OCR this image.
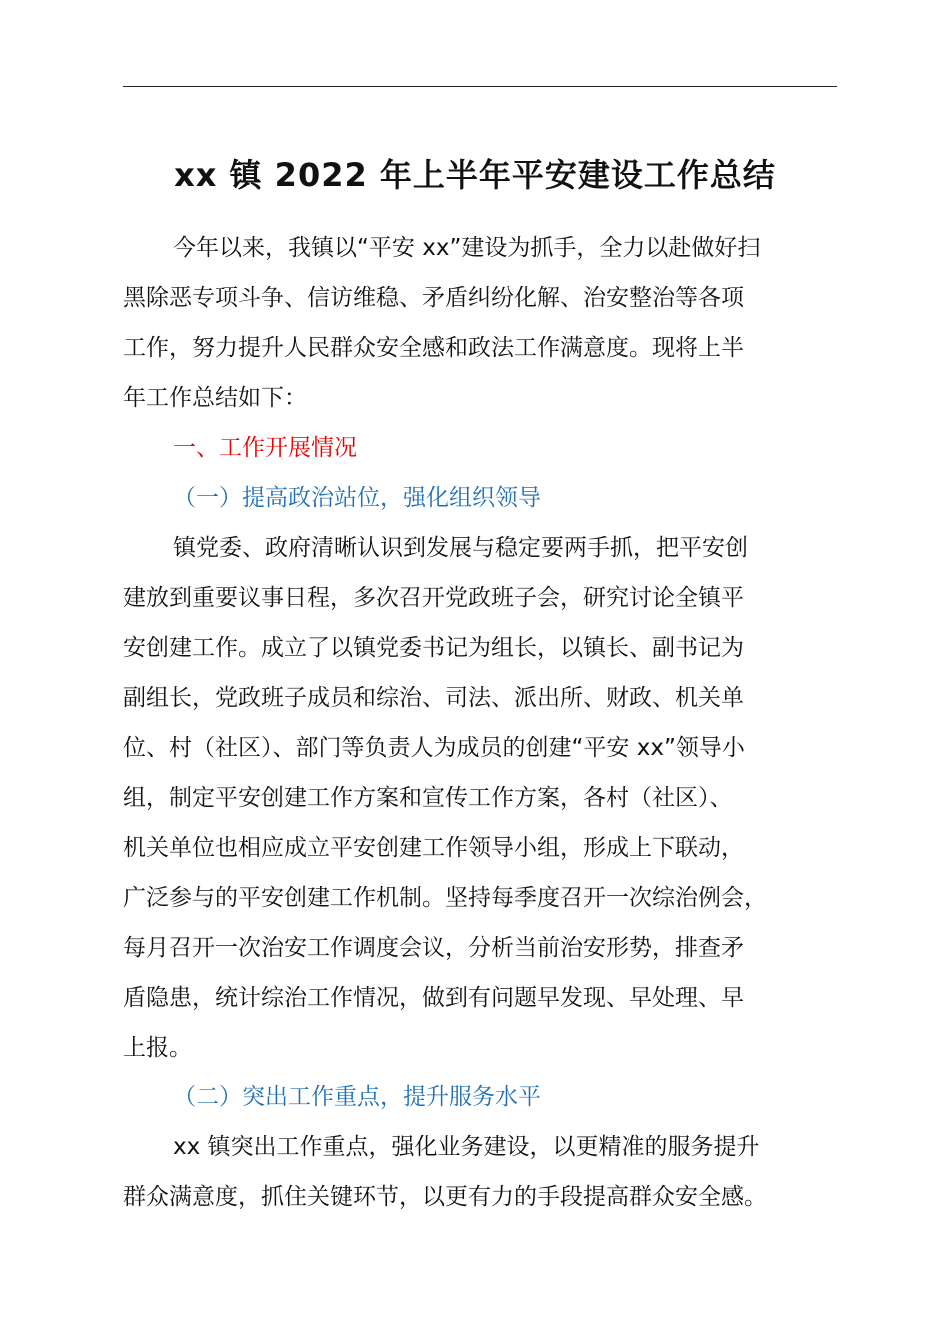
xx 镇 2022 年上半年平安建设工作总结

今年以来，我镇以“平安 xx”建设为抓手，全力以赴做好扫

黑除恶专项斗争、信访维稳、矛盾纠纷化解、治安整治等各项

工作，努力提升人民群众安全感和政法工作满意度。现将上半

年工作总结如下：

一、工作开展情况

（一）提高政治站位，强化组织领导

镇党委、政府清晰认识到发展与稳定要两手抓，把平安创

建放到重要议事日程，多次召开党政班子会，研究讨论全镇平

安创建工作。成立了以镇党委书记为组长，以镇长、副书记为

副组长，党政班子成员和综治、司法、派出所、财政、机关单

位、村（社区）、部门等负责人为成员的创建“平安 xx”领导小

组，制定平安创建工作方案和宣传工作方案，各村（社区）、

机关单位也相应成立平安创建工作领导小组，形成上下联动，

广泛参与的平安创建工作机制。坚持每季度召开一次综治例会，

每月召开一次治安工作调度会议，分析当前治安形势，排查矛

盾隐患，统计综治工作情况，做到有问题早发现、早处理、早

上报。

（二）突出工作重点，提升服务水平

xx 镇突出工作重点，强化业务建设，以更精准的服务提升

群众满意度，抓住关键环节，以更有力的手段提高群众安全感。
